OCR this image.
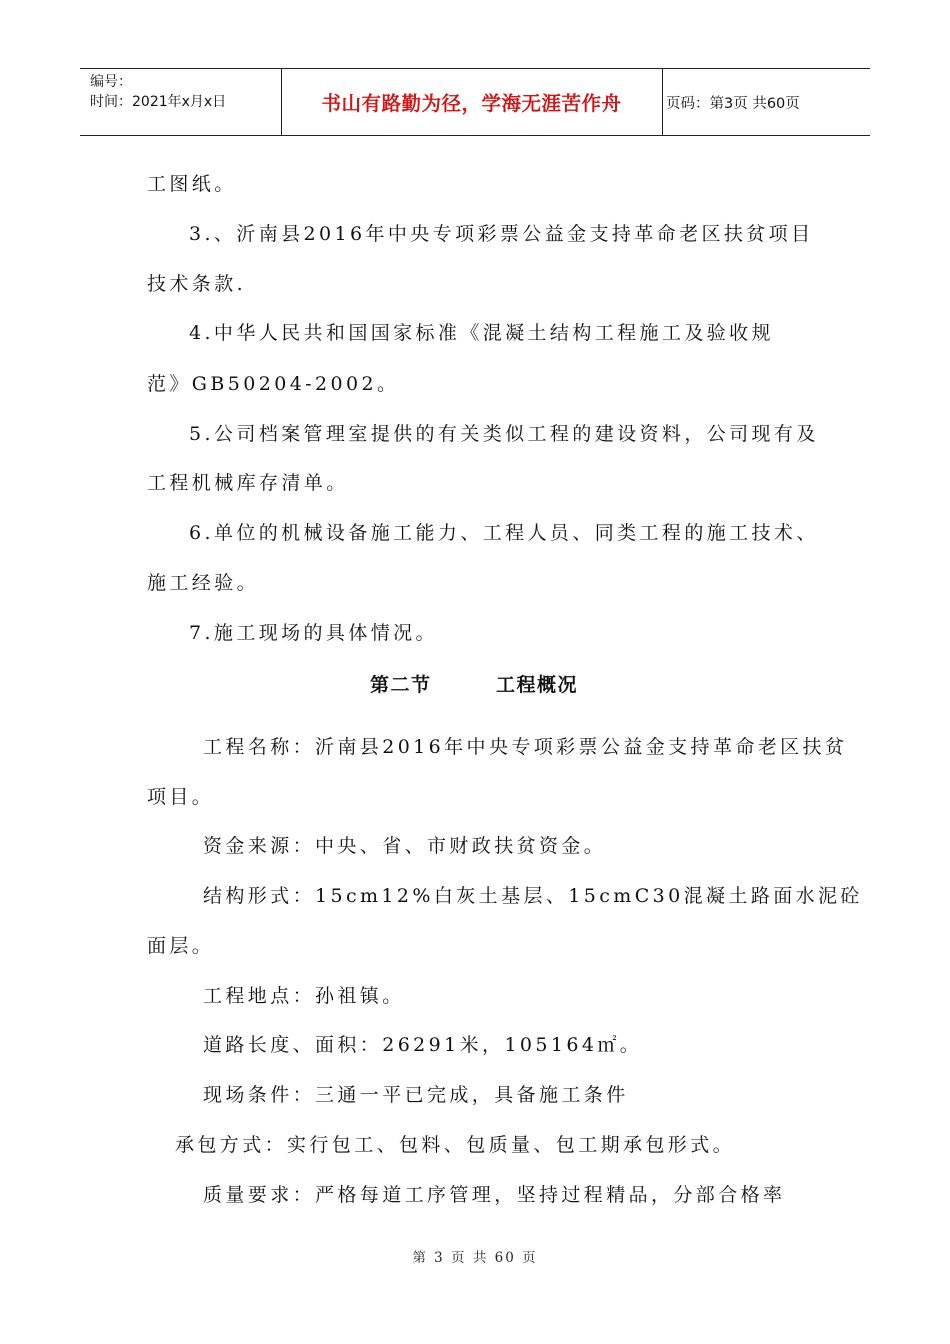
编号：
时间：2021年x月x日	书山有路勤为径，学海无涯苦作舟	页码：第3页 共60页
工图纸。
3.、沂南县2016年中央专项彩票公益金支持革命老区扶贫项目
技术条款.
4.中华人民共和国国家标准《混凝土结构工程施工及验收规
范》GB50204-2002。
5.公司档案管理室提供的有关类似工程的建设资料，公司现有及
工程机械库存清单。
6.单位的机械设备施工能力、工程人员、同类工程的施工技术、
施工经验。
7.施工现场的具体情况。
第二节	工程概况
工程名称：沂南县2016年中央专项彩票公益金支持革命老区扶贫
项目。
资金来源：中央、省、市财政扶贫资金。
结构形式：15cm12%白灰土基层、15cmC30混凝土路面水泥砼
面层。
工程地点：孙祖镇。
道路长度、面积：26291米，105164㎡。
现场条件：三通一平已完成，具备施工条件
承包方式：实行包工、包料、包质量、包工期承包形式。
质量要求：严格每道工序管理，坚持过程精品，分部合格率
第 3 页 共 60 页
